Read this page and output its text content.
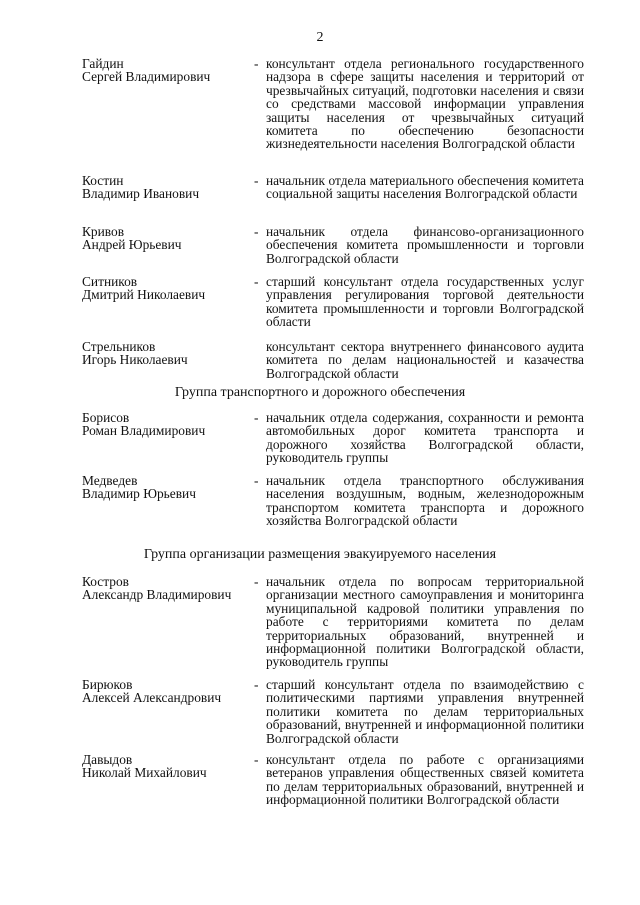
2
Гайдин
Сергей Владимирович
- консультант отдела регионального государственного надзора в сфере защиты населения и территорий от чрезвычайных ситуаций, подготовки населения и связи со средствами массовой информации управления защиты населения от чрезвычайных ситуаций комитета по обеспечению безопасности жизнедеятельности населения Волгоградской области
Костин
Владимир Иванович
- начальник отдела материального обеспечения комитета социальной защиты населения Волгоградской области
Кривов
Андрей Юрьевич
- начальник отдела финансово-организационного обеспечения комитета промышленности и торговли Волгоградской области
Ситников
Дмитрий Николаевич
- старший консультант отдела государственных услуг управления регулирования торговой деятельности комитета промышленности и торговли Волгоградской области
Стрельников
Игорь Николаевич
консультант сектора внутреннего финансового аудита комитета по делам национальностей и казачества Волгоградской области
Группа транспортного и дорожного обеспечения
Борисов
Роман Владимирович
- начальник отдела содержания, сохранности и ремонта автомобильных дорог комитета транспорта и дорожного хозяйства Волгоградской области, руководитель группы
Медведев
Владимир Юрьевич
- начальник отдела транспортного обслуживания населения воздушным, водным, железнодорожным транспортом комитета транспорта и дорожного хозяйства Волгоградской области
Группа организации размещения эвакуируемого населения
Костров
Александр Владимирович
- начальник отдела по вопросам территориальной организации местного самоуправления и мониторинга муниципальной кадровой политики управления по работе с территориями комитета по делам территориальных образований, внутренней и информационной политики Волгоградской области, руководитель группы
Бирюков
Алексей Александрович
- старший консультант отдела по взаимодействию с политическими партиями управления внутренней политики комитета по делам территориальных образований, внутренней и информационной политики Волгоградской области
Давыдов
Николай Михайлович
- консультант отдела по работе с организациями ветеранов управления общественных связей комитета по делам территориальных образований, внутренней и информационной политики Волгоградской области
